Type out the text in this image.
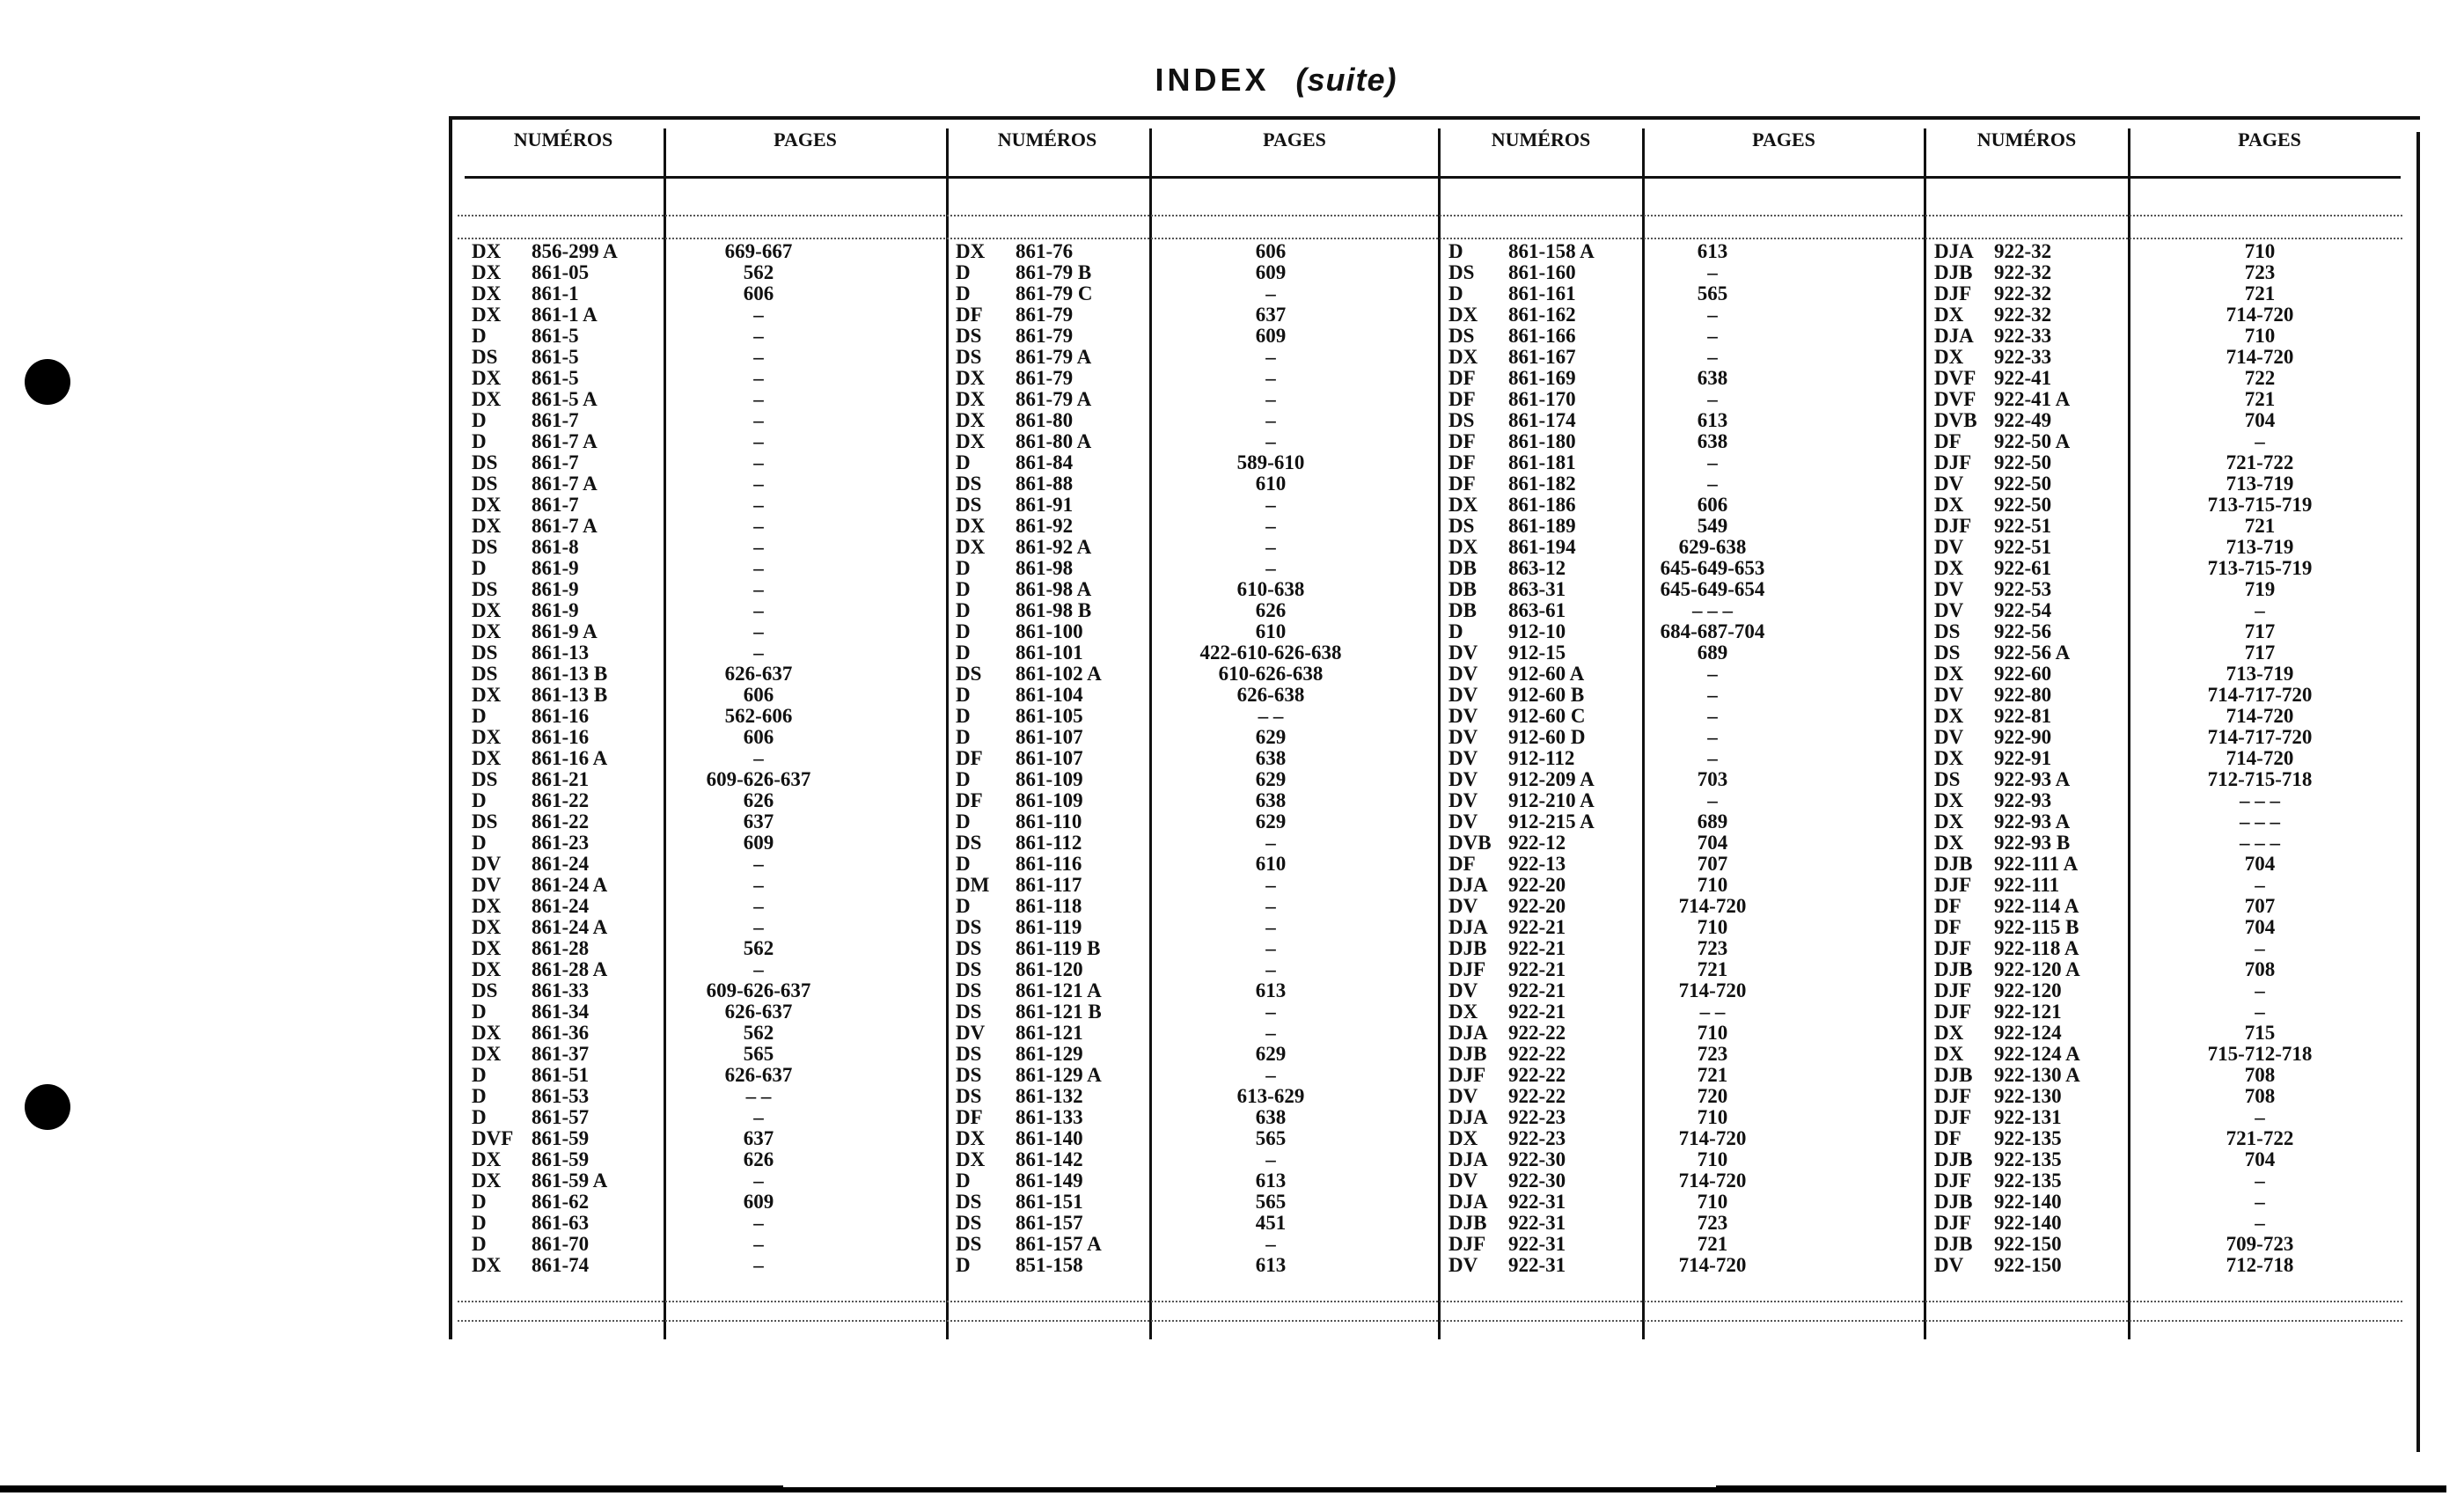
INDEX (suite)
NUMÉROS	PAGES	NUMÉROS	PAGES	NUMÉROS	PAGES	NUMÉROS	PAGES
DX 856-299 A	669-667
DX 861-05	562
DX 861-1	606
DX 861-1 A	–
D 861-5	–
DS 861-5	–
DX 861-5	–
DX 861-5 A	–
D 861-7	–
D 861-7 A	–
DS 861-7	–
DS 861-7 A	–
DX 861-7	–
DX 861-7 A	–
DS 861-8	–
D 861-9	–
DS 861-9	–
DX 861-9	–
DX 861-9 A	–
DS 861-13	–
DS 861-13 B	626-637
DX 861-13 B	606
D 861-16	562-606
DX 861-16	606
DX 861-16 A	–
DS 861-21	609-626-637
D 861-22	626
DS 861-22	637
D 861-23	609
DV 861-24	–
DV 861-24 A	–
DX 861-24	–
DX 861-24 A	–
DX 861-28	562
DX 861-28 A	–
DS 861-33	609-626-637
D 861-34	626-637
DX 861-36	562
DX 861-37	565
D 861-51	626-637
D 861-53	– –
D 861-57	–
DVF 861-59	637
DX 861-59	626
DX 861-59 A	–
D 861-62	609
D 861-63	–
D 861-70	–
DX 861-74	–
DX 861-76	606
D 861-79 B	609
D 861-79 C	–
DF 861-79	637
DS 861-79	609
DS 861-79 A	–
DX 861-79	–
DX 861-79 A	–
DX 861-80	–
DX 861-80 A	–
D 861-84	589-610
DS 861-88	610
DS 861-91	–
DX 861-92	–
DX 861-92 A	–
D 861-98	–
D 861-98 A	610-638
D 861-98 B	626
D 861-100	610
D 861-101	422-610-626-638
DS 861-102 A	610-626-638
D 861-104	626-638
D 861-105	– –
D 861-107	629
DF 861-107	638
D 861-109	629
DF 861-109	638
D 861-110	629
DS 861-112	–
D 861-116	610
DM 861-117	–
D 861-118	–
DS 861-119	–
DS 861-119 B	–
DS 861-120	–
DS 861-121 A	613
DS 861-121 B	–
DV 861-121	–
DS 861-129	629
DS 861-129 A	–
DS 861-132	613-629
DF 861-133	638
DX 861-140	565
DX 861-142	–
D 861-149	613
DS 861-151	565
DS 861-157	451
DS 861-157 A	–
D 851-158	613
D 861-158 A	613
DS 861-160	–
D 861-161	565
DX 861-162	–
DS 861-166	–
DX 861-167	–
DF 861-169	638
DF 861-170	–
DS 861-174	613
DF 861-180	638
DF 861-181	–
DF 861-182	–
DX 861-186	606
DS 861-189	549
DX 861-194	629-638
DB 863-12	645-649-653
DB 863-31	645-649-654
DB 863-61	– – –
D 912-10	684-687-704
DV 912-15	689
DV 912-60 A	–
DV 912-60 B	–
DV 912-60 C	–
DV 912-60 D	–
DV 912-112	–
DV 912-209 A	703
DV 912-210 A	–
DV 912-215 A	689
DVB 922-12	704
DF 922-13	707
DJA 922-20	710
DV 922-20	714-720
DJA 922-21	710
DJB 922-21	723
DJF 922-21	721
DV 922-21	714-720
DX 922-21	– –
DJA 922-22	710
DJB 922-22	723
DJF 922-22	721
DV 922-22	720
DJA 922-23	710
DX 922-23	714-720
DJA 922-30	710
DV 922-30	714-720
DJA 922-31	710
DJB 922-31	723
DJF 922-31	721
DV 922-31	714-720
DJA 922-32	710
DJB 922-32	723
DJF 922-32	721
DX 922-32	714-720
DJA 922-33	710
DX 922-33	714-720
DVF 922-41	722
DVF 922-41 A	721
DVB 922-49	704
DF 922-50 A	–
DJF 922-50	721-722
DV 922-50	713-719
DX 922-50	713-715-719
DJF 922-51	721
DV 922-51	713-719
DX 922-61	713-715-719
DV 922-53	719
DV 922-54	–
DS 922-56	717
DS 922-56 A	717
DX 922-60	713-719
DV 922-80	714-717-720
DX 922-81	714-720
DV 922-90	714-717-720
DX 922-91	714-720
DS 922-93 A	712-715-718
DX 922-93	– – –
DX 922-93 A	– – –
DX 922-93 B	– – –
DJB 922-111 A	704
DJF 922-111	–
DF 922-114 A	707
DF 922-115 B	704
DJF 922-118 A	–
DJB 922-120 A	708
DJF 922-120	–
DJF 922-121	–
DX 922-124	715
DX 922-124 A	715-712-718
DJB 922-130 A	708
DJF 922-130	708
DJF 922-131	–
DF 922-135	721-722
DJB 922-135	704
DJF 922-135	–
DJB 922-140	–
DJF 922-140	–
DJB 922-150	709-723
DV 922-150	712-718
